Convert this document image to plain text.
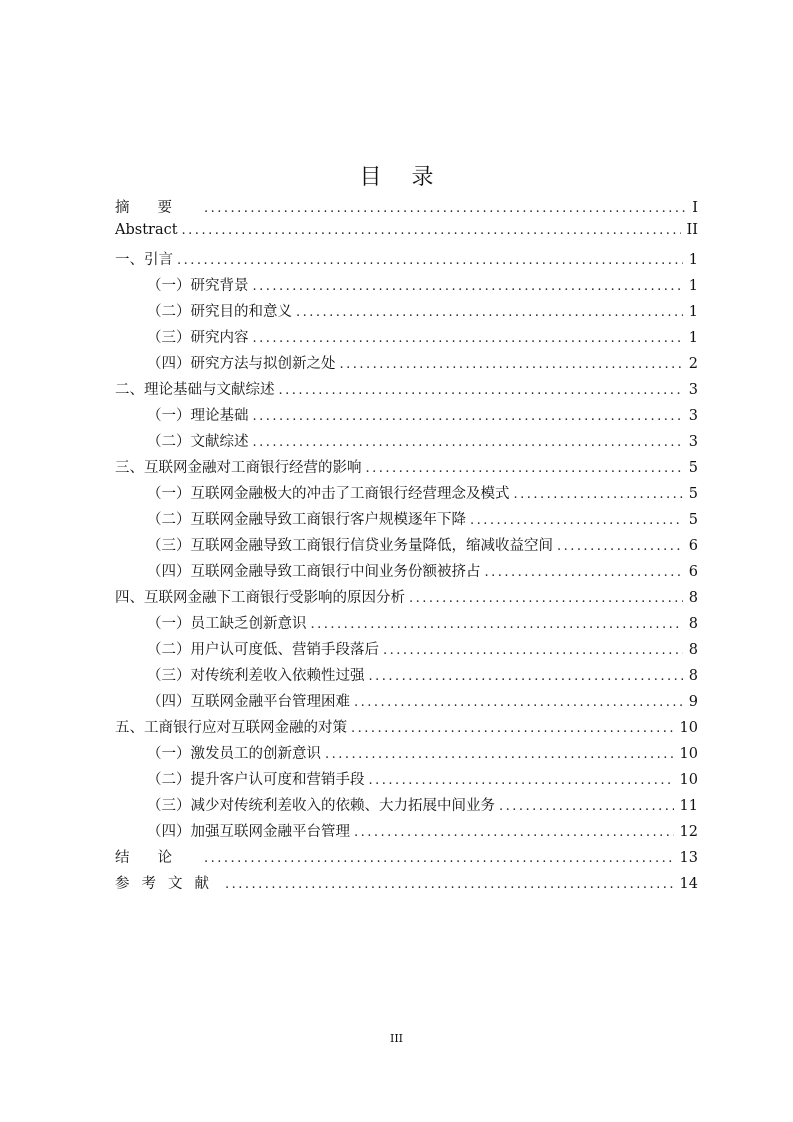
目录
摘要 .....	I
Abstract .....	II
一、引言 .....	1
（一）研究背景 .....	1
（二）研究目的和意义 .....	1
（三）研究内容 .....	1
（四）研究方法与拟创新之处 .....	2
二、理论基础与文献综述 .....	3
（一）理论基础 .....	3
（二）文献综述 .....	3
三、互联网金融对工商银行经营的影响 .....	5
（一）互联网金融极大的冲击了工商银行经营理念及模式 .....	5
（二）互联网金融导致工商银行客户规模逐年下降 .....	5
（三）互联网金融导致工商银行信贷业务量降低，缩减收益空间 .....	6
（四）互联网金融导致工商银行中间业务份额被挤占 .....	6
四、互联网金融下工商银行受影响的原因分析 .....	8
（一）员工缺乏创新意识 .....	8
（二）用户认可度低、营销手段落后 .....	8
（三）对传统利差收入依赖性过强 .....	8
（四）互联网金融平台管理困难 .....	9
五、工商银行应对互联网金融的对策 .....	10
（一）激发员工的创新意识 .....	10
（二）提升客户认可度和营销手段 .....	10
（三）减少对传统利差收入的依赖、大力拓展中间业务 .....	11
（四）加强互联网金融平台管理 .....	12
结论 .....	13
参考文献 .....	14
III
